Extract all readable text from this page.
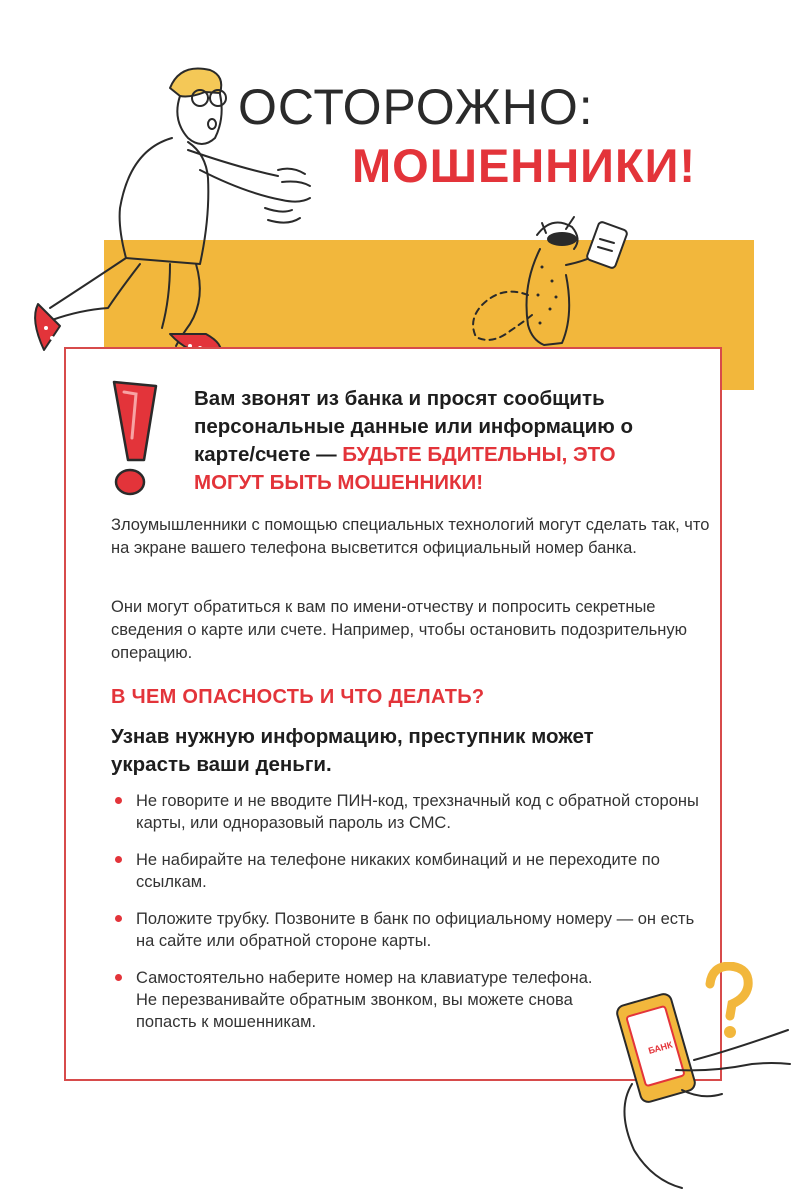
ОСТОРОЖНО:
МОШЕННИКИ!
Вам звонят из банка и просят сообщить персональные данные или информацию о карте/счете — БУДЬТЕ БДИТЕЛЬНЫ, ЭТО МОГУТ БЫТЬ МОШЕННИКИ!
Злоумышленники с помощью специальных технологий могут сделать так, что на экране вашего телефона высветится официальный номер банка.
Они могут обратиться к вам по имени-отчеству и попросить секретные сведения о карте или счете. Например, чтобы остановить подозрительную операцию.
В ЧЕМ ОПАСНОСТЬ И ЧТО ДЕЛАТЬ?
Узнав нужную информацию, преступник может украсть ваши деньги.
Не говорите и не вводите ПИН-код, трехзначный код с обратной стороны карты, или одноразовый пароль из СМС.
Не набирайте на телефоне никаких комбинаций и не переходите по ссылкам.
Положите трубку. Позвоните в банк по официальному номеру — он есть на сайте или обратной стороне карты.
Самостоятельно наберите номер на клавиатуре телефона. Не перезванивайте обратным звонком, вы можете снова попасть к мошенникам.
БАНК
